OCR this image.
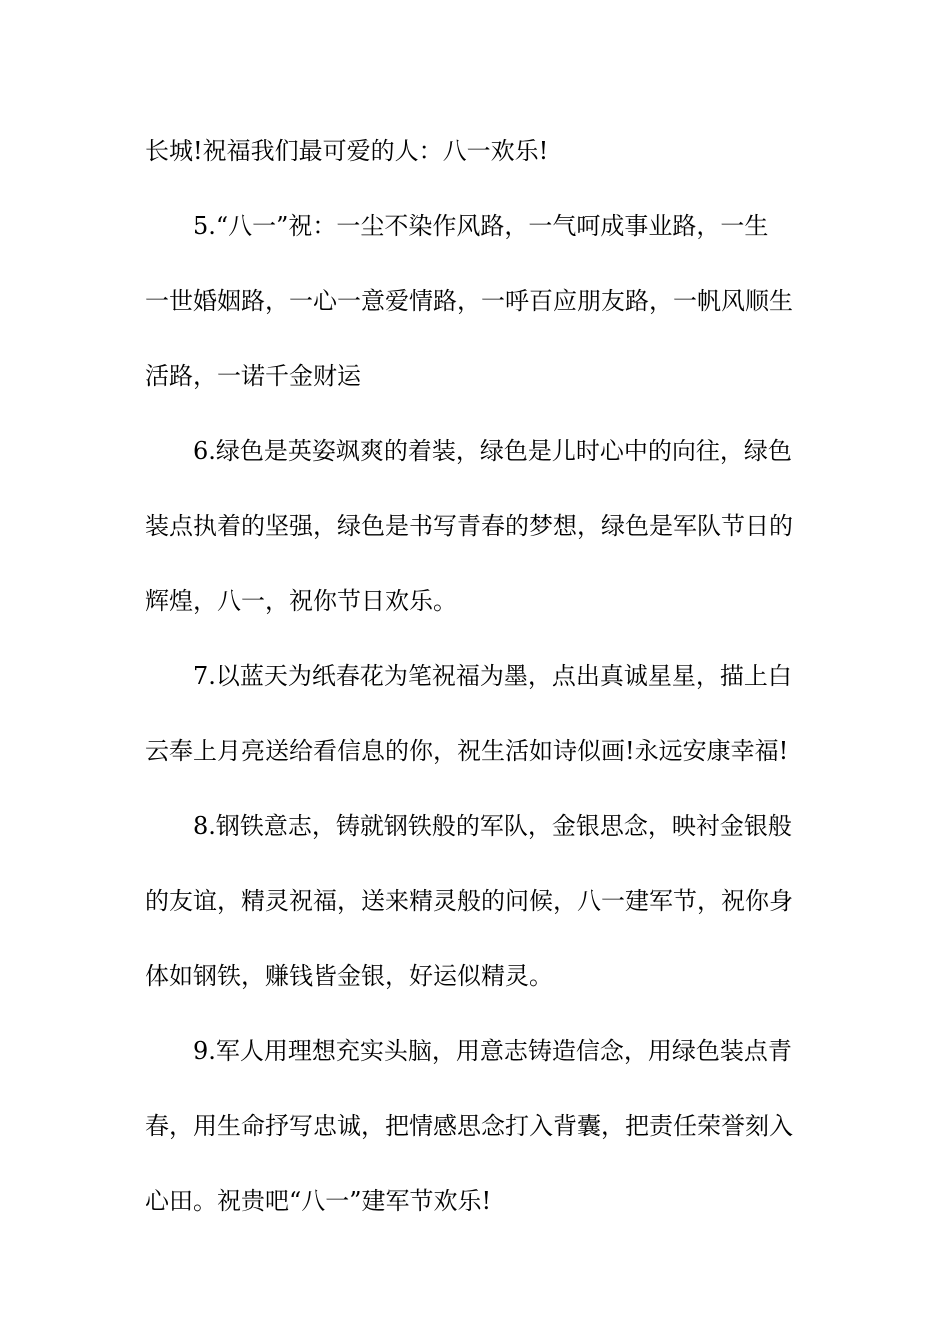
长城!祝福我们最可爱的人：八一欢乐!

5.“八一”祝：一尘不染作风路，一气呵成事业路，一生

一世婚姻路，一心一意爱情路，一呼百应朋友路，一帆风顺生

活路，一诺千金财运

6.绿色是英姿飒爽的着装，绿色是儿时心中的向往，绿色

装点执着的坚强，绿色是书写青春的梦想，绿色是军队节日的

辉煌，八一，祝你节日欢乐。

7.以蓝天为纸春花为笔祝福为墨，点出真诚星星，描上白

云奉上月亮送给看信息的你，祝生活如诗似画!永远安康幸福!

8.钢铁意志，铸就钢铁般的军队，金银思念，映衬金银般

的友谊，精灵祝福，送来精灵般的问候，八一建军节，祝你身

体如钢铁，赚钱皆金银，好运似精灵。

9.军人用理想充实头脑，用意志铸造信念，用绿色装点青

春，用生命抒写忠诚，把情感思念打入背囊，把责任荣誉刻入

心田。祝贵吧“八一”建军节欢乐!
